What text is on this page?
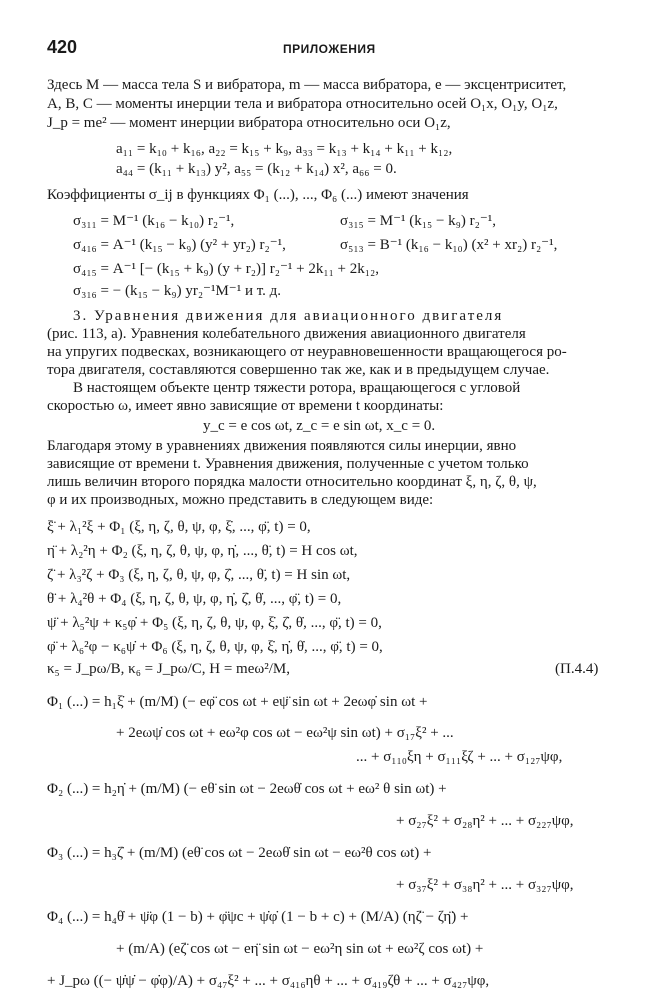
420	ПРИЛОЖЕНИЯ
Здесь M — масса тела S и вибратора, m — масса вибратора, e — эксцентриситет,
A, B, C — моменты инерции тела и вибратора относительно осей O₁x, O₁y, O₁z,
J_p = me² — момент инерции вибратора относительно оси O₁z,
a₁₁ = k₁₀ + k₁₆, a₂₂ = k₁₅ + k₉, a₃₃ = k₁₃ + k₁₄ + k₁₁ + k₁₂,
a₄₄ = (k₁₁ + k₁₃) y², a₅₅ = (k₁₂ + k₁₄) x², a₆₆ = 0.
Коэффициенты σ_ij в функциях Φ₁ (...), ..., Φ₆ (...) имеют значения
σ₃₁₁ = M⁻¹ (k₁₆ − k₁₀) r₂⁻¹,	σ₃₁₅ = M⁻¹ (k₁₅ − k₉) r₂⁻¹,
σ₄₁₆ = A⁻¹ (k₁₅ − k₉) (y² + yr₂) r₂⁻¹,	σ₅₁₃ = B⁻¹ (k₁₆ − k₁₀) (x² + xr₂) r₂⁻¹,
σ₄₁₅ = A⁻¹ [− (k₁₅ + k₉) (y + r₂)] r₂⁻¹ + 2k₁₁ + 2k₁₂,
σ₃₁₆ = − (k₁₅ − k₉) yr₂⁻¹M⁻¹ и т. д.
3. Уравнения движения для авиационного двигателя
(рис. 113, а). Уравнения колебательного движения авиационного двигателя
на упругих подвесках, возникающего от неуравновешенности вращающегося ро-
тора двигателя, составляются совершенно так же, как и в предыдущем случае.
В настоящем объекте центр тяжести ротора, вращающегося с угловой
скоростью ω, имеет явно зависящие от времени t координаты:
y_c = e cos ωt, z_c = e sin ωt, x_c = 0.
Благодаря этому в уравнениях движения появляются силы инерции, явно
зависящие от времени t. Уравнения движения, полученные с учетом только
лишь величин второго порядка малости относительно координат ξ, η, ζ, θ, ψ,
φ и их производных, можно представить в следующем виде:
ξ̈ + λ₁²ξ + Φ₁ (ξ, η, ζ, θ, ψ, φ, ξ̇, ..., φ̈, t) = 0,
η̈ + λ₂²η + Φ₂ (ξ, η, ζ, θ, ψ, φ, η̇, ..., θ̈, t) = H cos ωt,
ζ̈ + λ₃²ζ + Φ₃ (ξ, η, ζ, θ, ψ, φ, ζ̇, ..., θ̈, t) = H sin ωt,
θ̈ + λ₄²θ + Φ₄ (ξ, η, ζ, θ, ψ, φ, η̇, ζ̇, θ̇, ..., φ̈, t) = 0,
ψ̈ + λ₅²ψ + κ₅φ̇ + Φ₅ (ξ, η, ζ, θ, ψ, φ, ξ̇, ζ̇, θ̇, ..., φ̈, t) = 0,
φ̈ + λ₆²φ − κ₆ψ̇ + Φ₆ (ξ, η, ζ, θ, ψ, φ, ξ̇, η̇, θ̇, ..., φ̈, t) = 0,
κ₅ = J_pω/B, κ₆ = J_pω/C, H = meω²/M,	(П.4.4)
Φ₁ (...) = h₁ξ̇ + (m/M) (− eφ̈ cos ωt + eψ̈ sin ωt + 2eωφ̇ sin ωt +
+ 2eωψ̇ cos ωt + eω²φ cos ωt − eω²ψ sin ωt) + σ₁₇ξ² + ...
... + σ₁₁₀ξη + σ₁₁₁ξζ + ... + σ₁₂₇ψφ,
Φ₂ (...) = h₂η̇ + (m/M) (− eθ̈ sin ωt − 2eωθ̇ cos ωt + eω² θ sin ωt) +
+ σ₂₇ξ² + σ₂₈η² + ... + σ₂₂₇ψφ,
Φ₃ (...) = h₃ζ̇ + (m/M) (eθ̈ cos ωt − 2eωθ̇ sin ωt − eω²θ cos ωt) +
+ σ₃₇ξ² + σ₃₈η² + ... + σ₃₂₇ψφ,
Φ₄ (...) = h₄θ̇ + ψ̈φ (1 − b) + φ̈ψc + ψ̇φ̇ (1 − b + c) + (M/A) (ηζ̈ − ζη̈) +
+ (m/A) (eζ̈ cos ωt − eη̈ sin ωt − eω²η sin ωt + eω²ζ cos ωt) +
+ J_pω ((− ψ̇ψ̇ − φ̇φ)/A) + σ₄₇ξ² + ... + σ₄₁₆ηθ + ... + σ₄₁₉ζθ + ... + σ₄₂₇ψφ,
